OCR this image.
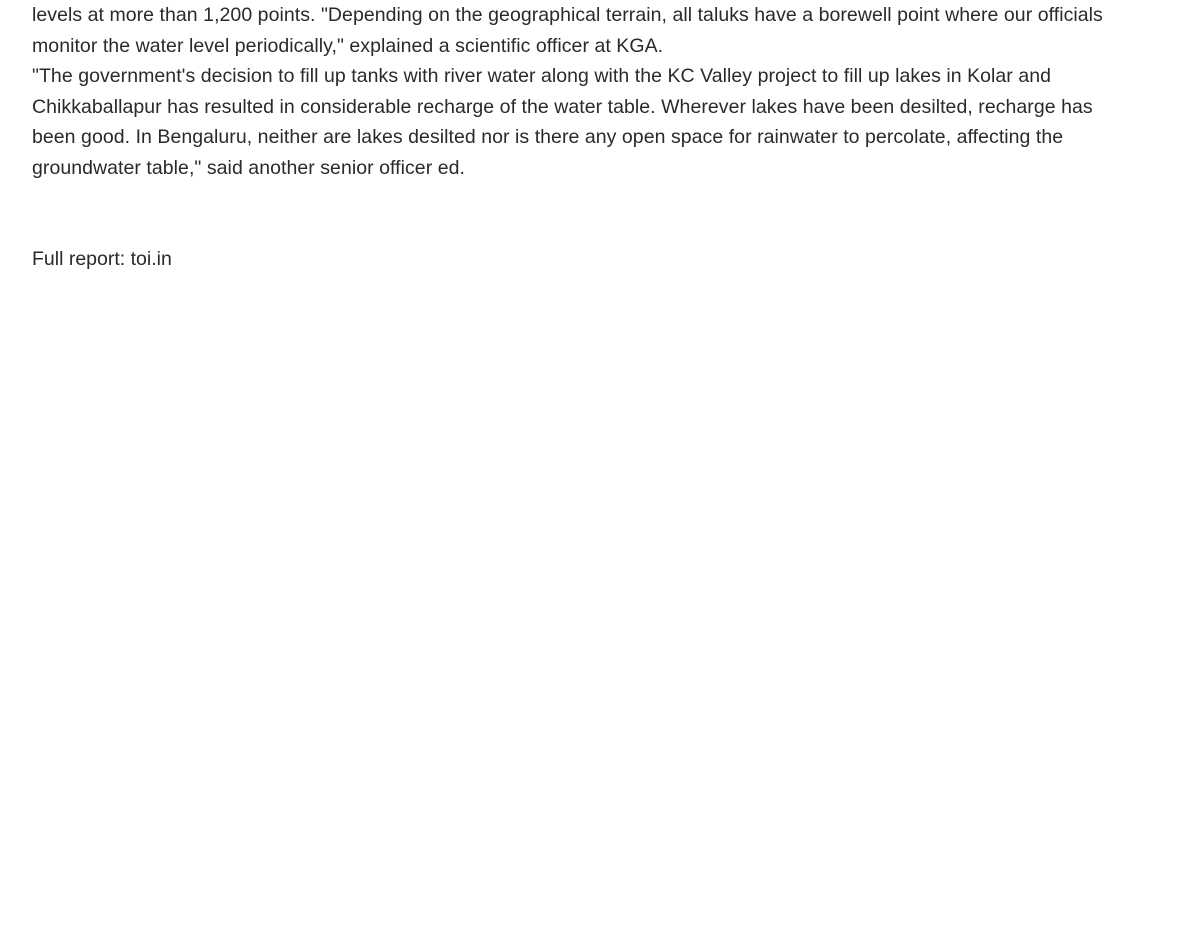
levels at more than 1,200 points. "Depending on the geographical terrain, all taluks have a borewell point where our officials
monitor the water level periodically," explained a scientific officer at KGA.

"The government's decision to fill up tanks with river water along with the KC Valley project to fill up lakes in Kolar and
Chikkaballapur has resulted in considerable recharge of the water table. Wherever lakes have been desilted, recharge has
been good. In Bengaluru, neither are lakes desilted nor is there any open space for rainwater to percolate, affecting the
groundwater table," said another senior officer ed.

Full report: toi.in
